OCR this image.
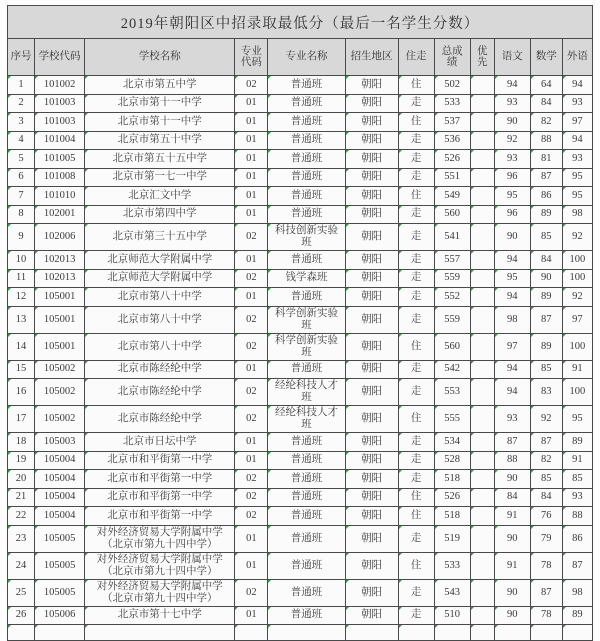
2019年朝阳区中招录取最低分（最后一名学生分数）
序号	学校代码	学校名称	专业代码	专业名称	招生地区	住走	总成绩	优先	语文	数学	外语
1	101002	北京市第五中学	02	普通班	朝阳	住	502		94	64	94
2	101003	北京市第十一中学	01	普通班	朝阳	走	533		93	84	93
3	101003	北京市第十一中学	01	普通班	朝阳	住	537		90	82	97
4	101004	北京市第五十中学	01	普通班	朝阳	走	536		92	88	94
5	101005	北京市第五十五中学	01	普通班	朝阳	走	526		93	81	93
6	101008	北京市第一七一中学	01	普通班	朝阳	走	551		96	87	95
7	101010	北京汇文中学	01	普通班	朝阳	住	549		95	86	95
8	102001	北京市第四中学	01	普通班	朝阳	走	560		96	89	98
9	102006	北京市第三十五中学	02	科技创新实验班	朝阳	走	541		90	85	92
10	102013	北京师范大学附属中学	01	普通班	朝阳	走	557		94	84	100
11	102013	北京师范大学附属中学	02	钱学森班	朝阳	走	559		95	90	100
12	105001	北京市第八十中学	01	普通班	朝阳	走	552		94	89	92
13	105001	北京市第八十中学	02	科学创新实验班	朝阳	走	559		98	87	97
14	105001	北京市第八十中学	02	科学创新实验班	朝阳	住	560		97	89	100
15	105002	北京市陈经纶中学	01	普通班	朝阳	走	542		94	85	91
16	105002	北京市陈经纶中学	02	经纶科技人才班	朝阳	走	553		94	83	100
17	105002	北京市陈经纶中学	02	经纶科技人才班	朝阳	住	555		93	92	95
18	105003	北京市日坛中学	01	普通班	朝阳	走	534		87	87	89
19	105004	北京市和平街第一中学	01	普通班	朝阳	走	528		88	82	91
20	105004	北京市和平街第一中学	02	普通班	朝阳	走	518		90	85	85
21	105004	北京市和平街第一中学	02	普通班	朝阳	住	526		84	84	93
22	105004	北京市和平街第一中学	02	普通班	朝阳	住	518		91	76	88
23	105005	对外经济贸易大学附属中学（北京市第九十四中学）	01	普通班	朝阳	走	519		90	79	86
24	105005	对外经济贸易大学附属中学（北京市第九十四中学）	01	普通班	朝阳	住	533		91	78	87
25	105005	对外经济贸易大学附属中学（北京市第九十四中学）	02	普通班	朝阳	走	543		90	87	98
26	105006	北京市第十七中学	01	普通班	朝阳	走	510		90	78	89
